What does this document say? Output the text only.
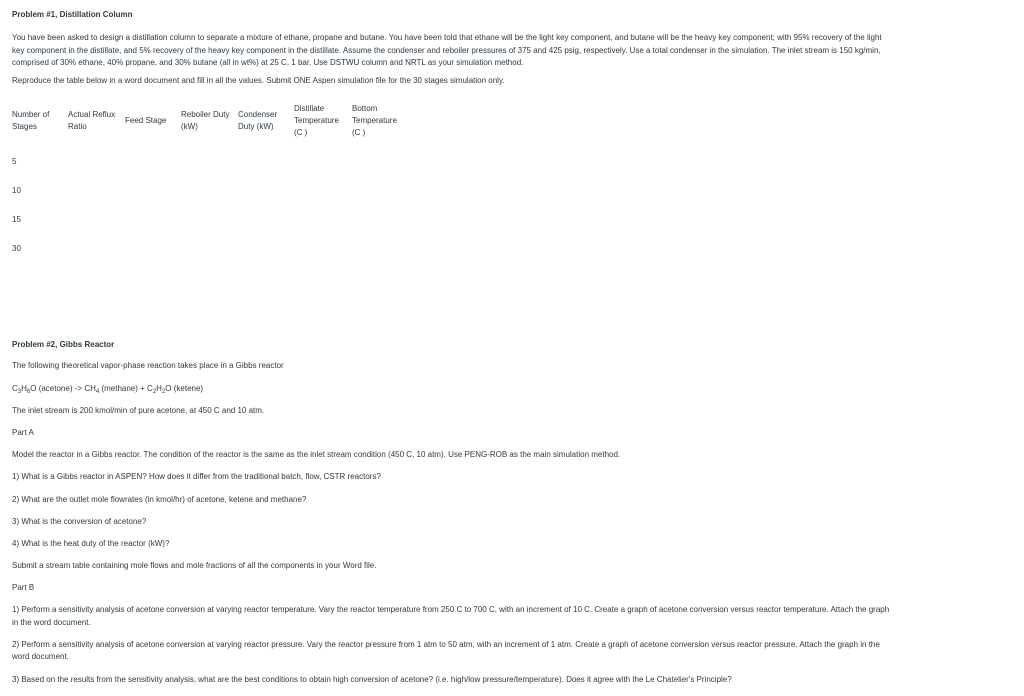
Problem #1, Distillation Column

You have been asked to design a distillation column to separate a mixture of ethane, propane and butane. You have been told that ethane will be the light key component, and butane will be the heavy key component; with 95% recovery of the light key component in the distillate, and 5% recovery of the heavy key component in the distillate. Assume the condenser and reboiler pressures of 375 and 425 psig, respectively. Use a total condenser in the simulation. The inlet stream is 150 kg/min, comprised of 30% ethane, 40% propane, and 30% butane (all in wt%) at 25 C, 1 bar. Use DSTWU column and NRTL as your simulation method.

Reproduce the table below in a word document and fill in all the values. Submit ONE Aspen simulation file for the 30 stages simulation only.

Number of Stages	Actual Reflux Ratio	Feed Stage	Reboiler Duty (kW)	Condenser Duty (kW)	Distillate Temperature (C )	Bottom Temperature (C )
5						
10						
15						
30						
Problem #2, Gibbs Reactor

The following theoretical vapor-phase reaction takes place in a Gibbs reactor

$C_3H_6O$ (acetone) -> $CH_4$ (methane) + $C_2H_2O$ (ketene)

The inlet stream is 200 kmol/min of pure acetone, at 450 C and 10 atm.

Part A

Model the reactor in a Gibbs reactor. The condition of the reactor is the same as the inlet stream condition (450 C, 10 atm). Use PENG-ROB as the main simulation method.

1) What is a Gibbs reactor in ASPEN? How does it differ from the traditional batch, flow, CSTR reactors?

2) What are the outlet mole flowrates (in kmol/hr) of acetone, ketene and methane?

3) What is the conversion of acetone?

4) What is the heat duty of the reactor (kW)?

Submit a stream table containing mole flows and mole fractions of all the components in your Word file.

Part B

1) Perform a sensitivity analysis of acetone conversion at varying reactor temperature. Vary the reactor temperature from 250 C to 700 C, with an increment of 10 C. Create a graph of acetone conversion versus reactor temperature. Attach the graph in the word document.

2) Perform a sensitivity analysis of acetone conversion at varying reactor pressure. Vary the reactor pressure from 1 atm to 50 atm, with an increment of 1 atm. Create a graph of acetone conversion versus reactor pressure. Attach the graph in the word document.

3) Based on the results from the sensitivity analysis, what are the best conditions to obtain high conversion of acetone? (i.e. high/low pressure/temperature). Does it agree with the Le Chatelier's Principle?
